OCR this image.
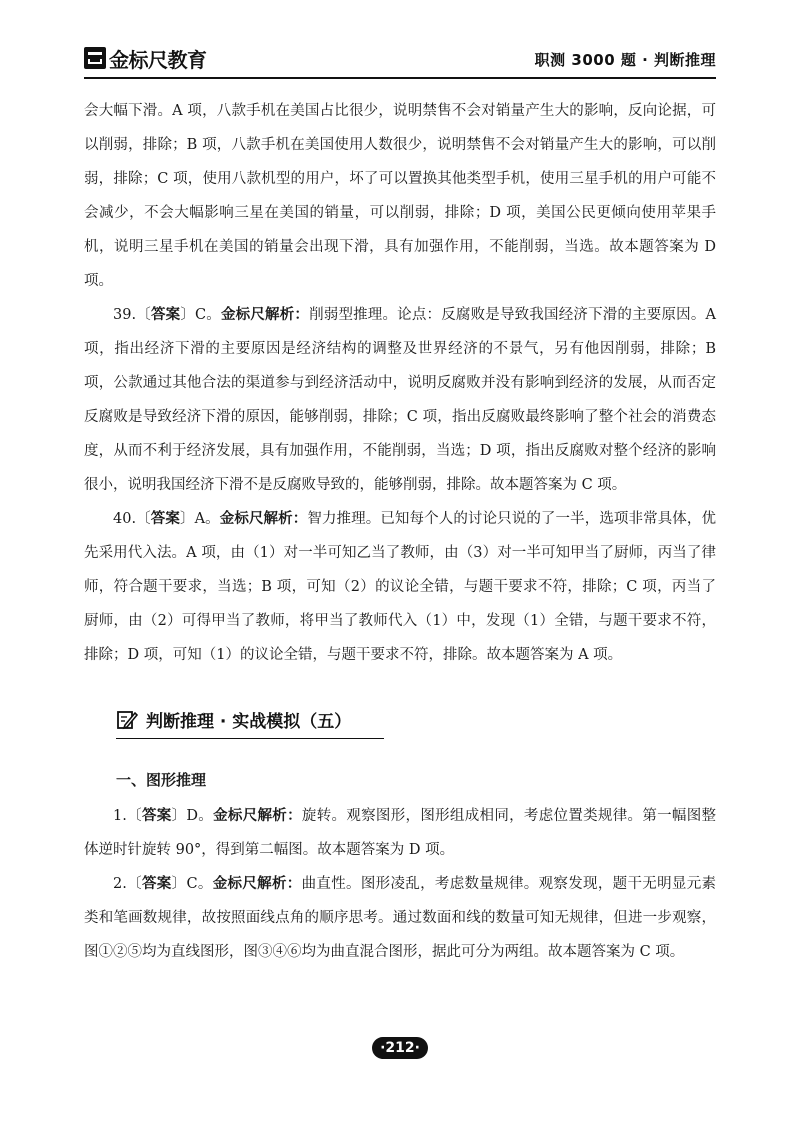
金标尺教育	职测 3000 题 · 判断推理

会大幅下滑。A 项，八款手机在美国占比很少，说明禁售不会对销量产生大的影响，反向论据，可以削弱，排除；B 项，八款手机在美国使用人数很少，说明禁售不会对销量产生大的影响，可以削弱，排除；C 项，使用八款机型的用户，坏了可以置换其他类型手机，使用三星手机的用户可能不会减少，不会大幅影响三星在美国的销量，可以削弱，排除；D 项，美国公民更倾向使用苹果手机，说明三星手机在美国的销量会出现下滑，具有加强作用，不能削弱，当选。故本题答案为 D 项。

39.〔答案〕C。金标尺解析：削弱型推理。论点：反腐败是导致我国经济下滑的主要原因。A 项，指出经济下滑的主要原因是经济结构的调整及世界经济的不景气，另有他因削弱，排除；B 项，公款通过其他合法的渠道参与到经济活动中，说明反腐败并没有影响到经济的发展，从而否定反腐败是导致经济下滑的原因，能够削弱，排除；C 项，指出反腐败最终影响了整个社会的消费态度，从而不利于经济发展，具有加强作用，不能削弱，当选；D 项，指出反腐败对整个经济的影响很小，说明我国经济下滑不是反腐败导致的，能够削弱，排除。故本题答案为 C 项。

40.〔答案〕A。金标尺解析：智力推理。已知每个人的讨论只说的了一半，选项非常具体，优先采用代入法。A 项，由（1）对一半可知乙当了教师，由（3）对一半可知甲当了厨师，丙当了律师，符合题干要求，当选；B 项，可知（2）的议论全错，与题干要求不符，排除；C 项，丙当了厨师，由（2）可得甲当了教师，将甲当了教师代入（1）中，发现（1）全错，与题干要求不符，排除；D 项，可知（1）的议论全错，与题干要求不符，排除。故本题答案为 A 项。

判断推理 · 实战模拟（五）
一、图形推理

1.〔答案〕D。金标尺解析：旋转。观察图形，图形组成相同，考虑位置类规律。第一幅图整体逆时针旋转 90°，得到第二幅图。故本题答案为 D 项。

2.〔答案〕C。金标尺解析：曲直性。图形凌乱，考虑数量规律。观察发现，题干无明显元素类和笔画数规律，故按照面线点角的顺序思考。通过数面和线的数量可知无规律，但进一步观察，图①②⑤均为直线图形，图③④⑥均为曲直混合图形，据此可分为两组。故本题答案为 C 项。

·212·
